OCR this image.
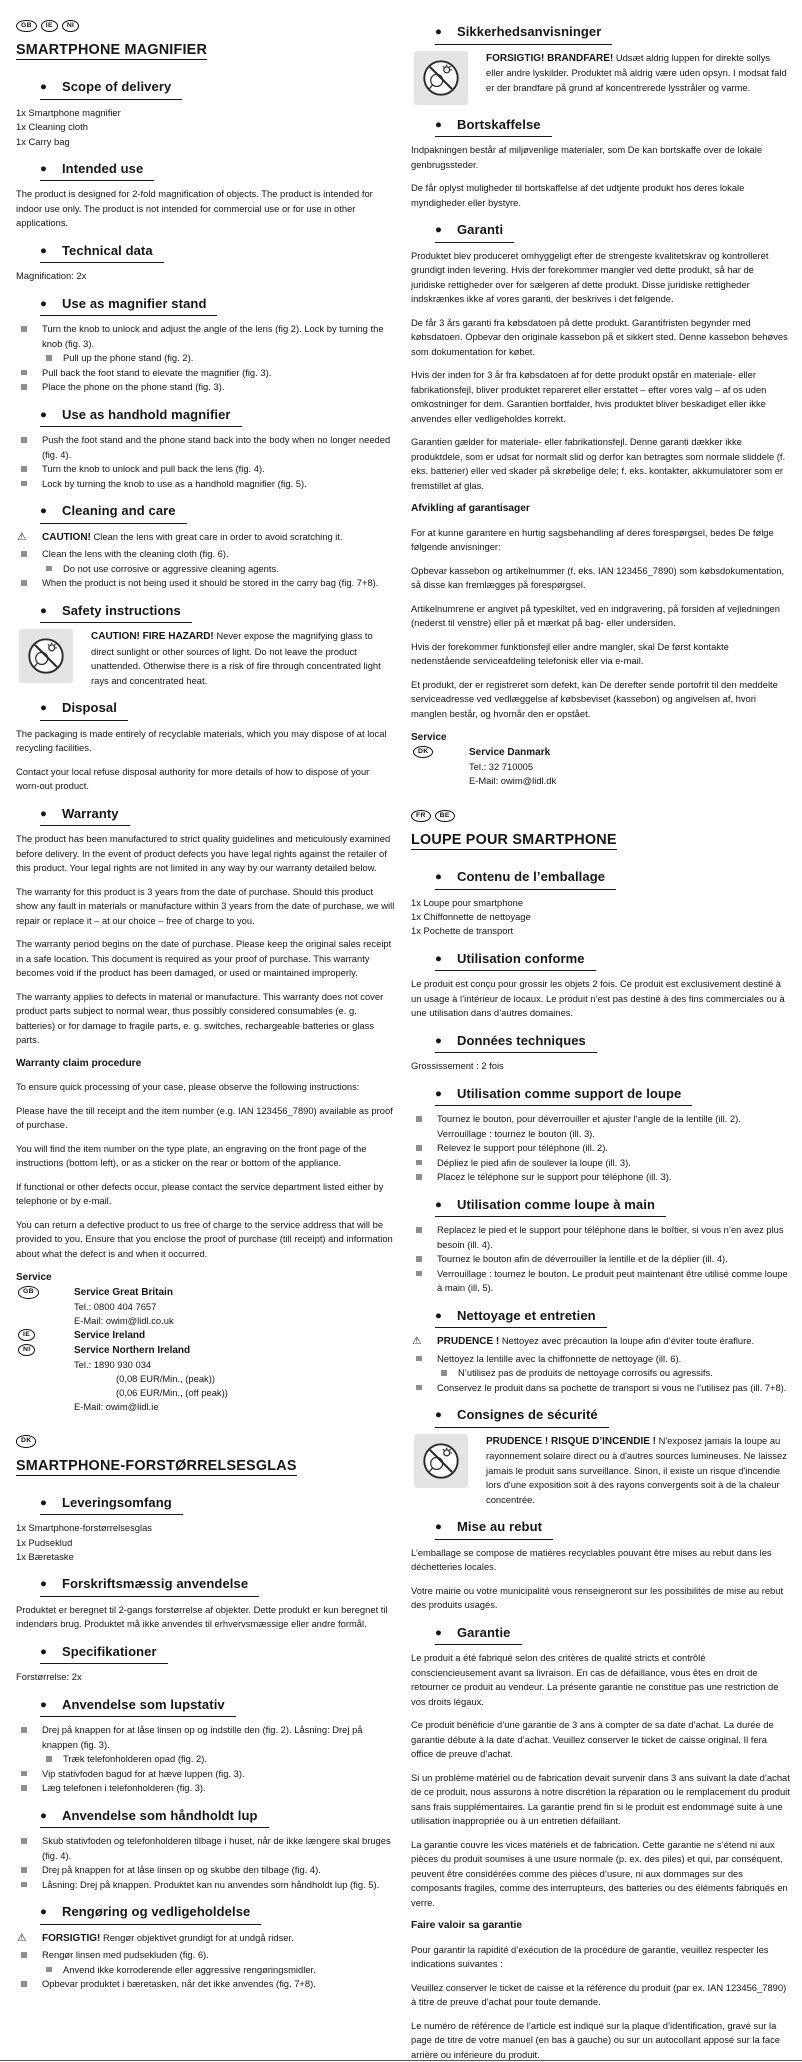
GB IE NI
SMARTPHONE MAGNIFIER
● Scope of delivery
1x Smartphone magnifier
1x Cleaning cloth
1x Carry bag
● Intended use

The product is designed for 2-fold magnification of objects. The product is intended for indoor use only. The product is not intended for commercial use or for use in other applications.

● Technical data

Magnification: 2x

● Use as magnifier stand
Turn the knob to unlock and adjust the angle of the lens (fig 2). Lock by turning the knob (fig. 3).
Pull up the phone stand (fig. 2).
Pull back the foot stand to elevate the magnifier (fig. 3).
Place the phone on the phone stand (fig. 3).
● Use as handhold magnifier
Push the foot stand and the phone stand back into the body when no longer needed (fig. 4).
Turn the knob to unlock and pull back the lens (fig. 4).
Lock by turning the knob to use as a handhold magnifier (fig. 5).
● Cleaning and care
⚠ CAUTION! Clean the lens with great care in order to avoid scratching it.
Clean the lens with the cleaning cloth (fig. 6).
Do not use corrosive or aggressive cleaning agents.
When the product is not being used it should be stored in the carry bag (fig. 7+8).
● Safety instructions
CAUTION! FIRE HAZARD! Never expose the magnifying glass to direct sunlight or other sources of light. Do not leave the product unattended. Otherwise there is a risk of fire through concentrated light rays and concentrated heat.
● Disposal

The packaging is made entirely of recyclable materials, which you may dispose of at local recycling facilities.

Contact your local refuse disposal authority for more details of how to dispose of your worn-out product.

● Warranty

The product has been manufactured to strict quality guidelines and meticulously examined before delivery. In the event of product defects you have legal rights against the retailer of this product. Your legal rights are not limited in any way by our warranty detailed below.

The warranty for this product is 3 years from the date of purchase. Should this product show any fault in materials or manufacture within 3 years from the date of purchase, we will repair or replace it – at our choice – free of charge to you.

The warranty period begins on the date of purchase. Please keep the original sales receipt in a safe location. This document is required as your proof of purchase. This warranty becomes void if the product has been damaged, or used or maintained improperly.

The warranty applies to defects in material or manufacture. This warranty does not cover product parts subject to normal wear, thus possibly considered consumables (e. g. batteries) or for damage to fragile parts, e. g. switches, rechargeable batteries or glass parts.

Warranty claim procedure

To ensure quick processing of your case, please observe the following instructions:

Please have the till receipt and the item number (e.g. IAN 123456_7890) available as proof of purchase.

You will find the item number on the type plate, an engraving on the front page of the instructions (bottom left), or as a sticker on the rear or bottom of the appliance.

If functional or other defects occur, please contact the service department listed either by telephone or by e-mail.

You can return a defective product to us free of charge to the service address that will be provided to you. Ensure that you enclose the proof of purchase (till receipt) and information about what the defect is and when it occurred.

Service
GB	Service Great Britain
Tel.: 0800 404 7657
E-Mail: owim@lidl.co.uk
IE	Service Ireland
NI	Service Northern Ireland
Tel.: 1890 930 034
(0,08 EUR/Min., (peak))
(0,06 EUR/Min., (off peak))
E-Mail: owim@lidl.ie
DK
SMARTPHONE-FORSTØRRELSESGLAS
● Leveringsomfang
1x Smartphone-forstørrelsesglas
1x Pudseklud
1x Bæretaske
● Forskriftsmæssig anvendelse

Produktet er beregnet til 2-gangs forstørrelse af objekter. Dette produkt er kun beregnet til indendørs brug. Produktet må ikke anvendes til erhvervsmæssige eller andre formål.

● Specifikationer

Forstørrelse: 2x

● Anvendelse som lupstativ
Drej på knappen for at låse linsen op og indstille den (fig. 2). Låsning: Drej på knappen (fig. 3).
Træk telefonholderen opad (fig. 2).
Vip stativfoden bagud for at hæve luppen (fig. 3).
Læg telefonen i telefonholderen (fig. 3).
● Anvendelse som håndholdt lup
Skub stativfoden og telefonholderen tilbage i huset, når de ikke længere skal bruges (fig. 4).
Drej på knappen for at låse linsen op og skubbe den tilbage (fig. 4).
Låsning: Drej på knappen. Produktet kan nu anvendes som håndholdt lup (fig. 5).
● Rengøring og vedligeholdelse
⚠ FORSIGTIG! Rengør objektivet grundigt for at undgå ridser.
Rengør linsen med pudsekluden (fig. 6).
Anvend ikke korroderende eller aggressive rengøringsmidler.
Opbevar produktet i bæretasken, når det ikke anvendes (fig. 7+8).
● Sikkerhedsanvisninger
FORSIGTIG! BRANDFARE! Udsæt aldrig luppen for direkte sollys eller andre lyskilder. Produktet må aldrig være uden opsyn. I modsat fald er der brandfare på grund af koncentrerede lysstråler og varme.
● Bortskaffelse

Indpakningen består af miljøvenlige materialer, som De kan bortskaffe over de lokale genbrugssteder.

De får oplyst muligheder til bortskaffelse af det udtjente produkt hos deres lokale myndigheder eller bystyre.

● Garanti

Produktet blev produceret omhyggeligt efter de strengeste kvalitetskrav og kontrolleret grundigt inden levering. Hvis der forekommer mangler ved dette produkt, så har de juridiske rettigheder over for sælgeren af dette produkt. Disse juridiske rettigheder indskrænkes ikke af vores garanti, der beskrives i det følgende.

De får 3 års garanti fra købsdatoen på dette produkt. Garantifristen begynder med købsdatoen. Opbevar den originale kassebon på et sikkert sted. Denne kassebon behøves som dokumentation for købet.

Hvis der inden for 3 år fra købsdatoen af for dette produkt opstår en materiale- eller fabrikationsfejl, bliver produktet repareret eller erstattet – efter vores valg – af os uden omkostninger for dem. Garantien bortfalder, hvis produktet bliver beskadiget eller ikke anvendes eller vedligeholdes korrekt.

Garantien gælder for materiale- eller fabrikationsfejl. Denne garanti dækker ikke produktdele, som er udsat for normalt slid og derfor kan betragtes som normale sliddele (f. eks. batterier) eller ved skader på skrøbelige dele; f. eks. kontakter, akkumulatorer som er fremstillet af glas.

Afvikling af garantisager

For at kunne garantere en hurtig sagsbehandling af deres forespørgsel, bedes De følge følgende anvisninger:

Opbevar kassebon og artikelnummer (f. eks. IAN 123456_7890) som købsdokumentation, så disse kan fremlægges på forespørgsel.

Artikelnumrene er angivet på typeskiltet, ved en indgravering, på forsiden af vejledningen (nederst til venstre) eller på et mærkat på bag- eller undersiden.

Hvis der forekommer funktionsfejl eller andre mangler, skal De først kontakte nedenstående serviceafdeling telefonisk eller via e-mail.

Et produkt, der er registreret som defekt, kan De derefter sende portofrit til den meddelte serviceadresse ved vedlæggelse af købsbeviset (kassebon) og angivelsen af, hvori manglen består, og hvornår den er opstået.

Service
DK	Service Danmark
Tel.: 32 710005
E-Mail: owim@lidl.dk
FR BE
LOUPE POUR SMARTPHONE
● Contenu de l’emballage
1x Loupe pour smartphone
1x Chiffonnette de nettoyage
1x Pochette de transport
● Utilisation conforme

Le produit est conçu pour grossir les objets 2 fois. Ce produit est exclusivement destiné à un usage à l’intérieur de locaux. Le produit n’est pas destiné à des fins commerciales ou à une utilisation dans d’autres domaines.

● Données techniques

Grossissement : 2 fois

● Utilisation comme support de loupe
Tournez le bouton, pour déverrouiller et ajuster l’angle de la lentille (ill. 2). Verrouillage : tournez le bouton (ill. 3).
Relevez le support pour téléphone (ill. 2).
Dépliez le pied afin de soulever la loupe (ill. 3).
Placez le téléphone sur le support pour téléphone (ill. 3).
● Utilisation comme loupe à main
Replacez le pied et le support pour téléphone dans le boîtier, si vous n’en avez plus besoin (ill. 4).
Tournez le bouton afin de déverrouiller la lentille et de la déplier (ill. 4).
Verrouillage : tournez le bouton. Le produit peut maintenant être utilisé comme loupe à main (ill. 5).
● Nettoyage et entretien
⚠ PRUDENCE ! Nettoyez avec précaution la loupe afin d’éviter toute éraflure.
Nettoyez la lentille avec la chiffonnette de nettoyage (ill. 6).
N’utilisez pas de produits de nettoyage corrosifs ou agressifs.
Conservez le produit dans sa pochette de transport si vous ne l’utilisez pas (ill. 7+8).
● Consignes de sécurité
PRUDENCE ! RISQUE D’INCENDIE ! N'exposez jamais la loupe au rayonnement solaire direct ou à d'autres sources lumineuses. Ne laissez jamais le produit sans surveillance. Sinon, il existe un risque d'incendie lors d'une exposition soit à des rayons convergents soit à de la chaleur concentrée.
● Mise au rebut

L’emballage se compose de matières recyclables pouvant être mises au rebut dans les déchetteries locales.

Votre mairie ou votre municipalité vous renseigneront sur les possibilités de mise au rebut des produits usagés.

● Garantie

Le produit a été fabriqué selon des critères de qualité stricts et contrôlé consciencieusement avant sa livraison. En cas de défaillance, vous êtes en droit de retourner ce produit au vendeur. La présente garantie ne constitue pas une restriction de vos droits légaux.

Ce produit bénéficie d’une garantie de 3 ans à compter de sa date d’achat. La durée de garantie débute à la date d’achat. Veuillez conserver le ticket de caisse original. Il fera office de preuve d’achat.

Si un problème matériel ou de fabrication devait survenir dans 3 ans suivant la date d’achat de ce produit, nous assurons à notre discrétion la réparation ou le remplacement du produit sans frais supplémentaires. La garantie prend fin si le produit est endommagé suite à une utilisation inappropriée ou à un entretien défaillant.

La garantie couvre les vices matériels et de fabrication. Cette garantie ne s’étend ni aux pièces du produit soumises à une usure normale (p. ex. des piles) et qui, par conséquent, peuvent être considérées comme des pièces d’usure, ni aux dommages sur des composants fragiles, comme des interrupteurs, des batteries ou des éléments fabriqués en verre.

Faire valoir sa garantie

Pour garantir la rapidité d’exécution de la procédure de garantie, veuillez respecter les indications suivantes :

Veuillez conserver le ticket de caisse et la référence du produit (par ex. IAN 123456_7890) à titre de preuve d’achat pour toute demande.

Le numéro de référence de l’article est indiqué sur la plaque d’identification, gravé sur la page de titre de votre manuel (en bas à gauche) ou sur un autocollant apposé sur la face arrière ou inférieure du produit.
